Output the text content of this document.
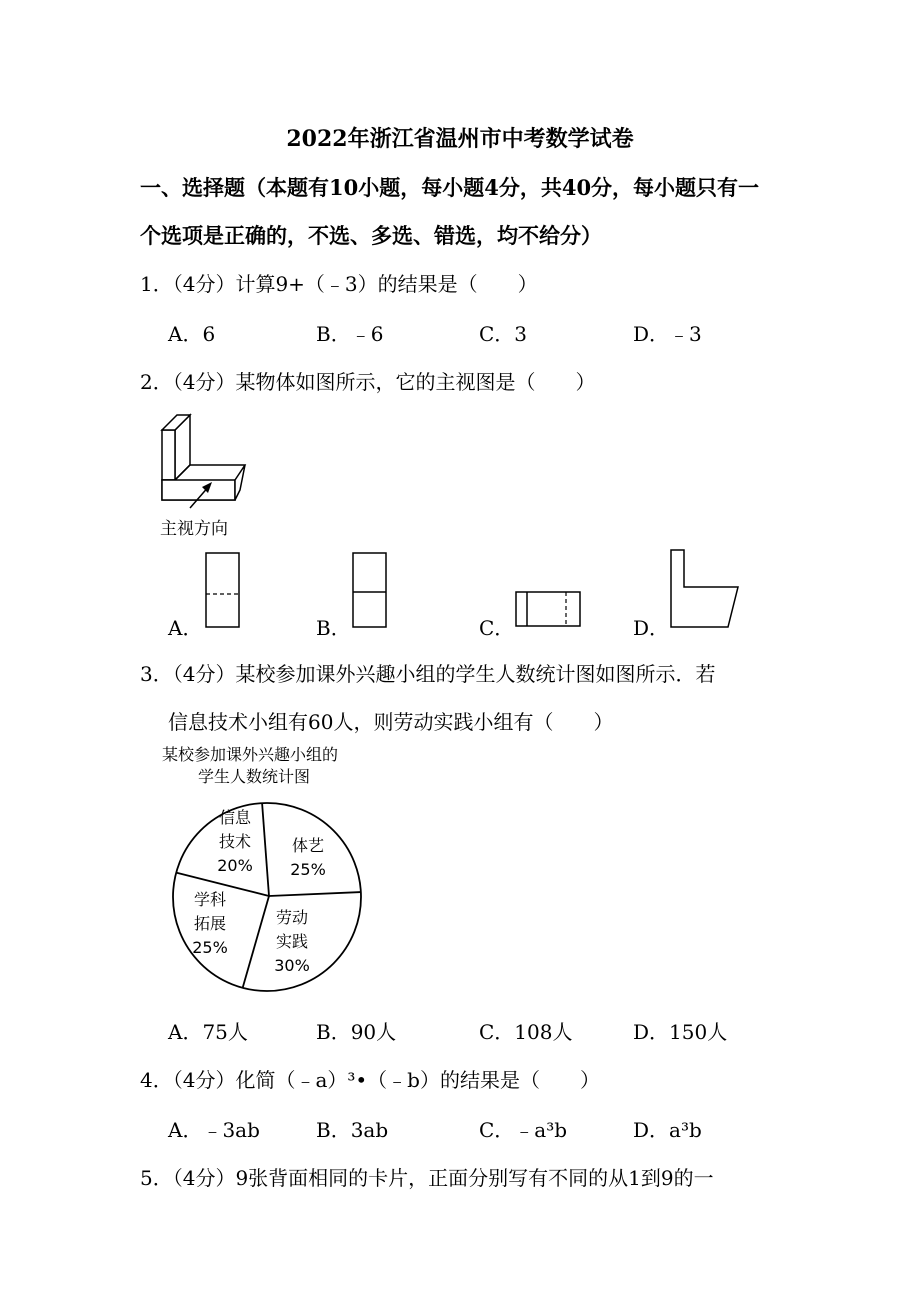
2022年浙江省温州市中考数学试卷
一、选择题（本题有10小题，每小题4分，共40分，每小题只有一
个选项是正确的，不选、多选、错选，均不给分）
1．（4分）计算9+（﹣3）的结果是（　　）
A．6	B．﹣6	C．3	D．﹣3
2．（4分）某物体如图所示，它的主视图是（　　）
主视方向
A．	B．	C．	D．
3．（4分）某校参加课外兴趣小组的学生人数统计图如图所示．若
信息技术小组有60人，则劳动实践小组有（　　）
某校参加课外兴趣小组的
学生人数统计图
信息
技术
20%
体艺
25%
劳动
实践
30%
学科
拓展
25%
A．75人	B．90人	C．108人	D．150人
4．（4分）化简（﹣a）³•（﹣b）的结果是（　　）
A．﹣3ab	B．3ab	C．﹣a³b	D．a³b
5．（4分）9张背面相同的卡片，正面分别写有不同的从1到9的一
